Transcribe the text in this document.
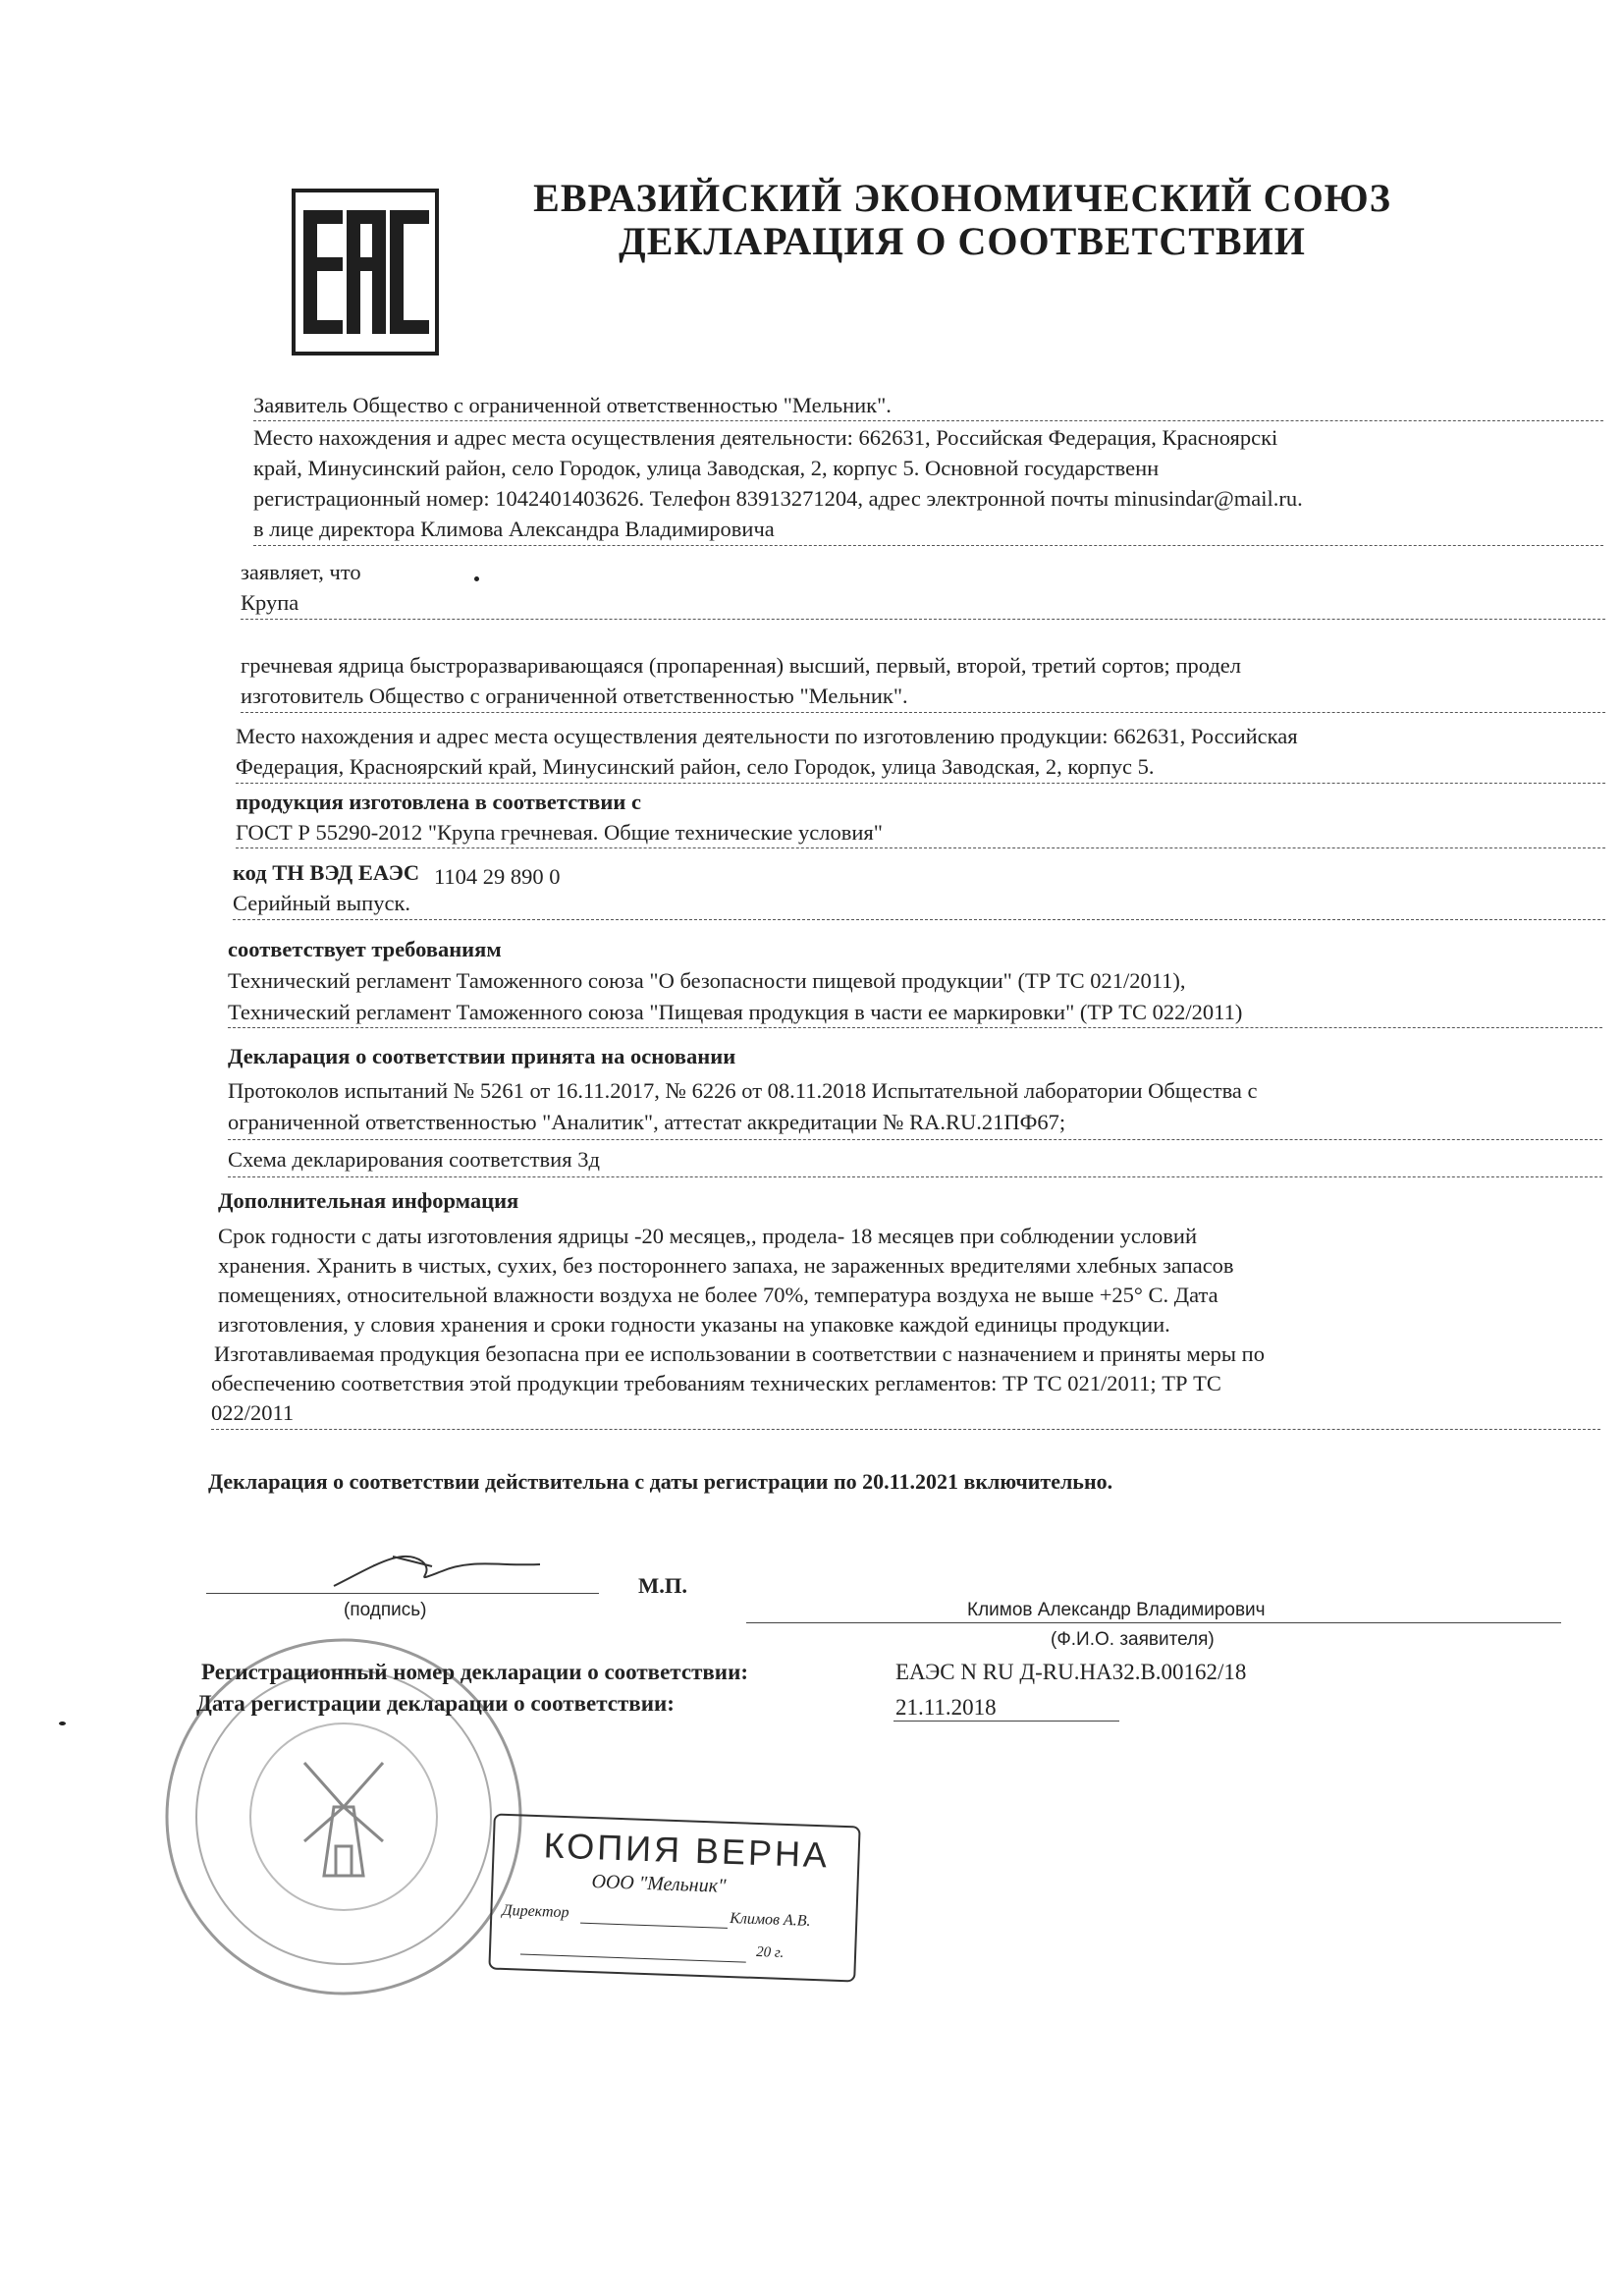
ЕВРАЗИЙСКИЙ ЭКОНОМИЧЕСКИЙ СОЮЗ
ДЕКЛАРАЦИЯ О СООТВЕТСТВИИ
Заявитель Общество с ограниченной ответственностью "Мельник".
Место нахождения и адрес места осуществления деятельности: 662631, Российская Федерация, Красноярскі
край, Минусинский район, село Городок, улица Заводская, 2, корпус 5. Основной государственн
регистрационный номер: 1042401403626. Телефон 83913271204, адрес электронной почты minusindar@mail.ru.
в лице директора Климова Александра Владимировича
заявляет, что
Крупа
гречневая ядрица быстроразваривающаяся (пропаренная) высший, первый, второй, третий сортов; продел
изготовитель Общество с ограниченной ответственностью "Мельник".
Место нахождения и адрес места осуществления деятельности по изготовлению продукции: 662631, Российская
Федерация, Красноярский край, Минусинский район, село Городок, улица Заводская, 2, корпус 5.
продукция изготовлена в соответствии с
ГОСТ Р 55290-2012 "Крупа гречневая. Общие технические условия"
код ТН ВЭД ЕАЭС 1104 29 890 0
Серийный выпуск.
соответствует требованиям
Технический регламент Таможенного союза "О безопасности пищевой продукции" (ТР ТС 021/2011),
Технический регламент Таможенного союза "Пищевая продукция в части ее маркировки" (ТР ТС 022/2011)
Декларация о соответствии принята на основании
Протоколов испытаний № 5261 от 16.11.2017, № 6226 от 08.11.2018 Испытательной лаборатории Общества с
ограниченной ответственностью "Аналитик", аттестат аккредитации № RA.RU.21ПФ67;
Схема декларирования соответствия 3д
Дополнительная информация
Срок годности с даты изготовления ядрицы -20 месяцев,, продела- 18 месяцев при соблюдении условий
хранения. Хранить в чистых, сухих, без постороннего запаха, не зараженных вредителями хлебных запасов
помещениях, относительной влажности воздуха не более 70%, температура воздуха не выше +25° С. Дата
изготовления, у словия хранения и сроки годности указаны на упаковке каждой единицы продукции.
Изготавливаемая продукция безопасна при ее использовании в соответствии с назначением и приняты меры по
обеспечению соответствия этой продукции требованиям технических регламентов: ТР ТС 021/2011; ТР ТС
022/2011
Декларация о соответствии действительна с даты регистрации по 20.11.2021 включительно.
(подпись)
М.П.
Климов Александр Владимирович
(Ф.И.О. заявителя)
Регистрационный номер декларации о соответствии:	ЕАЭС N RU Д-RU.НА32.В.00162/18
Дата регистрации декларации о соответствии:	21.11.2018
КОПИЯ ВЕРНА
ООО "Мельник"
Директор	Климов А.В.
20 г.
